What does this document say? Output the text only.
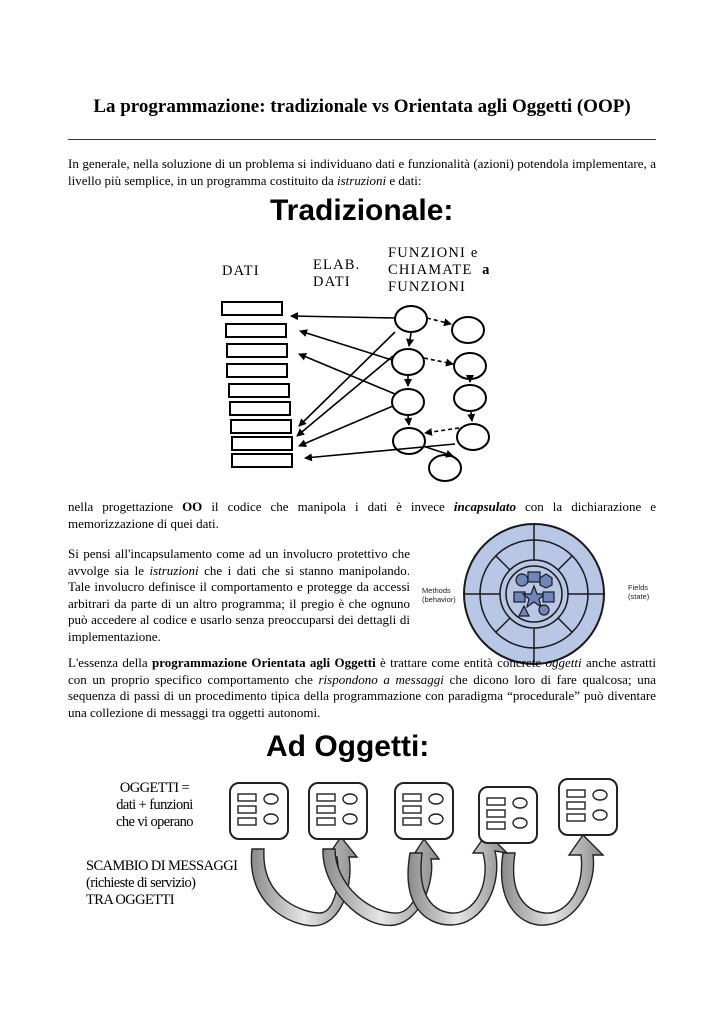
La programmazione: tradizionale vs Orientata agli Oggetti (OOP)
In generale, nella soluzione di un problema si individuano dati e funzionalità (azioni) potendola implementare, a livello più semplice, in un programma costituito da istruzioni e dati:
Tradizionale:
DATI	ELAB.
DATI
FUNZIONI e
CHIAMATE a
FUNZIONI
nella progettazione OO il codice che manipola i dati è invece incapsulato con la dichiarazione e memorizzazione di quei dati.
Si pensi all'incapsulamento come ad un involucro protettivo che avvolge sia le istruzioni che i dati che si stanno manipolando. Tale involucro definisce il comportamento e protegge da accessi arbitrari da parte di un altro programma; il pregio è che ognuno può accedere al codice e usarlo senza preoccuparsi dei dettagli di implementazione.
Methods
(behavior)
Fields
(state)
L'essenza della programmazione Orientata agli Oggetti è trattare come entità concrete oggetti anche astratti con un proprio specifico comportamento che rispondono a messaggi che dicono loro di fare qualcosa; una sequenza di passi di un procedimento tipica della programmazione con paradigma “procedurale” può diventare una collezione di messaggi tra oggetti autonomi.
Ad Oggetti:
OGGETTI =
dati + funzioni
che vi operano
SCAMBIO DI MESSAGGI
(richieste di servizio)
TRA OGGETTI
